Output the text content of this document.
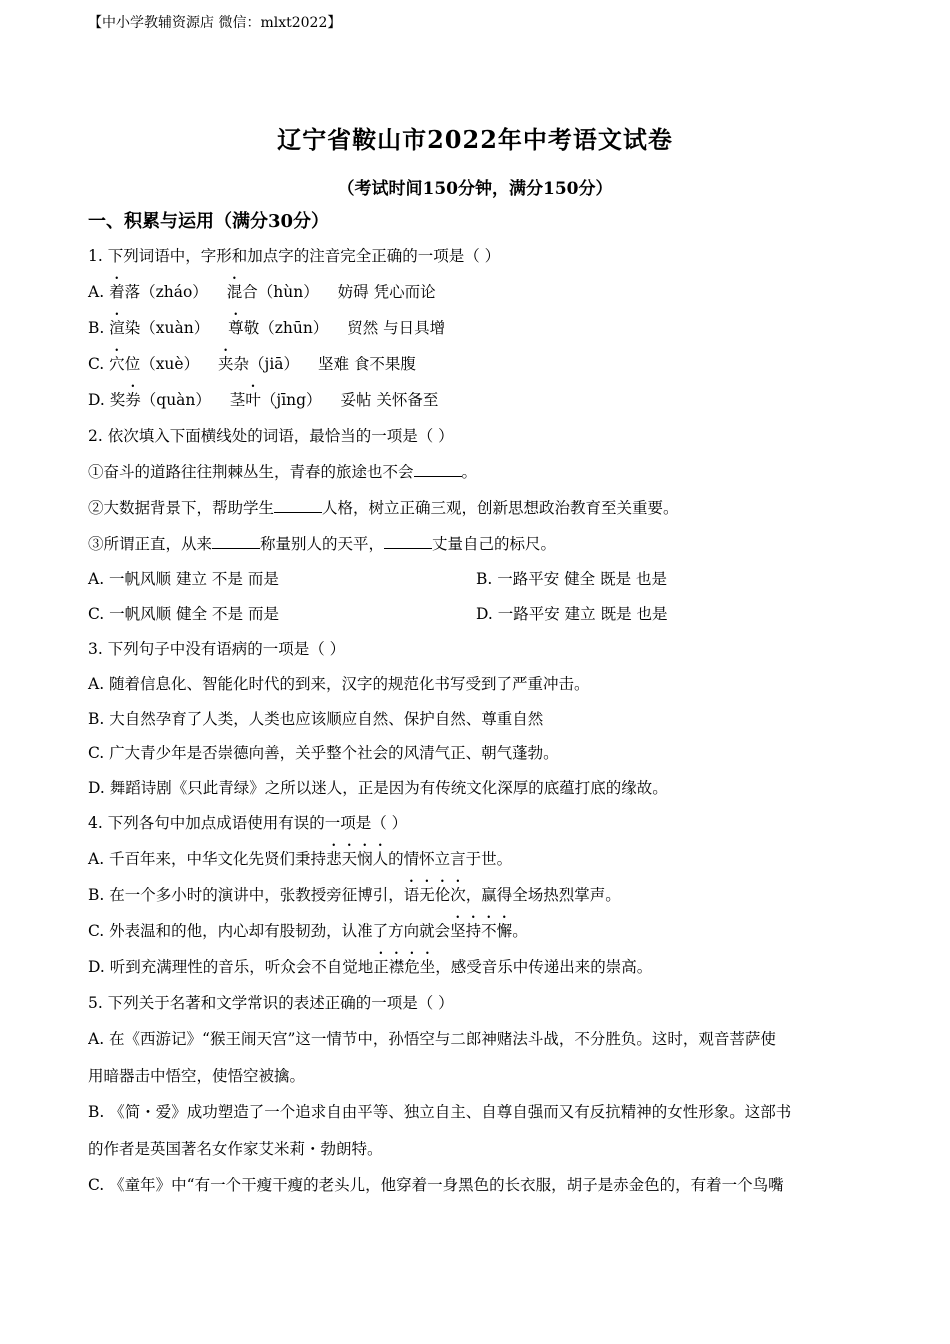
【中小学教辅资源店 微信：mlxt2022】
辽宁省鞍山市2022年中考语文试卷
（考试时间150分钟，满分150分）
一、积累与运用（满分30分）
1. 下列词语中，字形和加点字的注音完全正确的一项是（ ）
A. 着落（zháo） 混合（hùn） 妨碍 凭心而论
B. 渲染（xuàn） 尊敬（zhūn） 贸然 与日具增
C. 穴位（xuè） 夹杂（jiā） 坚难 食不果腹
D. 奖券（quàn） 茎叶（jīng） 妥帖 关怀备至
2. 依次填入下面横线处的词语，最恰当的一项是（ ）
①奋斗的道路往往荆棘丛生，青春的旅途也不会	。
②大数据背景下，帮助学生	人格，树立正确三观，创新思想政治教育至关重要。
③所谓正直，从来	称量别人的天平，	丈量自己的标尺。
A. 一帆风顺 建立 不是 而是	B. 一路平安 健全 既是 也是
C. 一帆风顺 健全 不是 而是	D. 一路平安 建立 既是 也是
3. 下列句子中没有语病的一项是（ ）
A. 随着信息化、智能化时代的到来，汉字的规范化书写受到了严重冲击。
B. 大自然孕育了人类，人类也应该顺应自然、保护自然、尊重自然
C. 广大青少年是否崇德向善，关乎整个社会的风清气正、朝气蓬勃。
D. 舞蹈诗剧《只此青绿》之所以迷人，正是因为有传统文化深厚的底蕴打底的缘故。
4. 下列各句中加点成语使用有误的一项是（ ）
A. 千百年来，中华文化先贤们秉持悲天悯人的情怀立言于世。
B. 在一个多小时的演讲中，张教授旁征博引，语无伦次，赢得全场热烈掌声。
C. 外表温和的他，内心却有股韧劲，认准了方向就会坚持不懈。
D. 听到充满理性的音乐，听众会不自觉地正襟危坐，感受音乐中传递出来的崇高。
5. 下列关于名著和文学常识的表述正确的一项是（ ）
A. 在《西游记》“猴王闹天宫”这一情节中，孙悟空与二郎神赌法斗战，不分胜负。这时，观音菩萨使
用暗器击中悟空，使悟空被擒。
B. 《简・爱》成功塑造了一个追求自由平等、独立自主、自尊自强而又有反抗精神的女性形象。这部书
的作者是英国著名女作家艾米莉・勃朗特。
C. 《童年》中“有一个干瘦干瘦的老头儿，他穿着一身黑色的长衣服，胡子是赤金色的，有着一个鸟嘴
